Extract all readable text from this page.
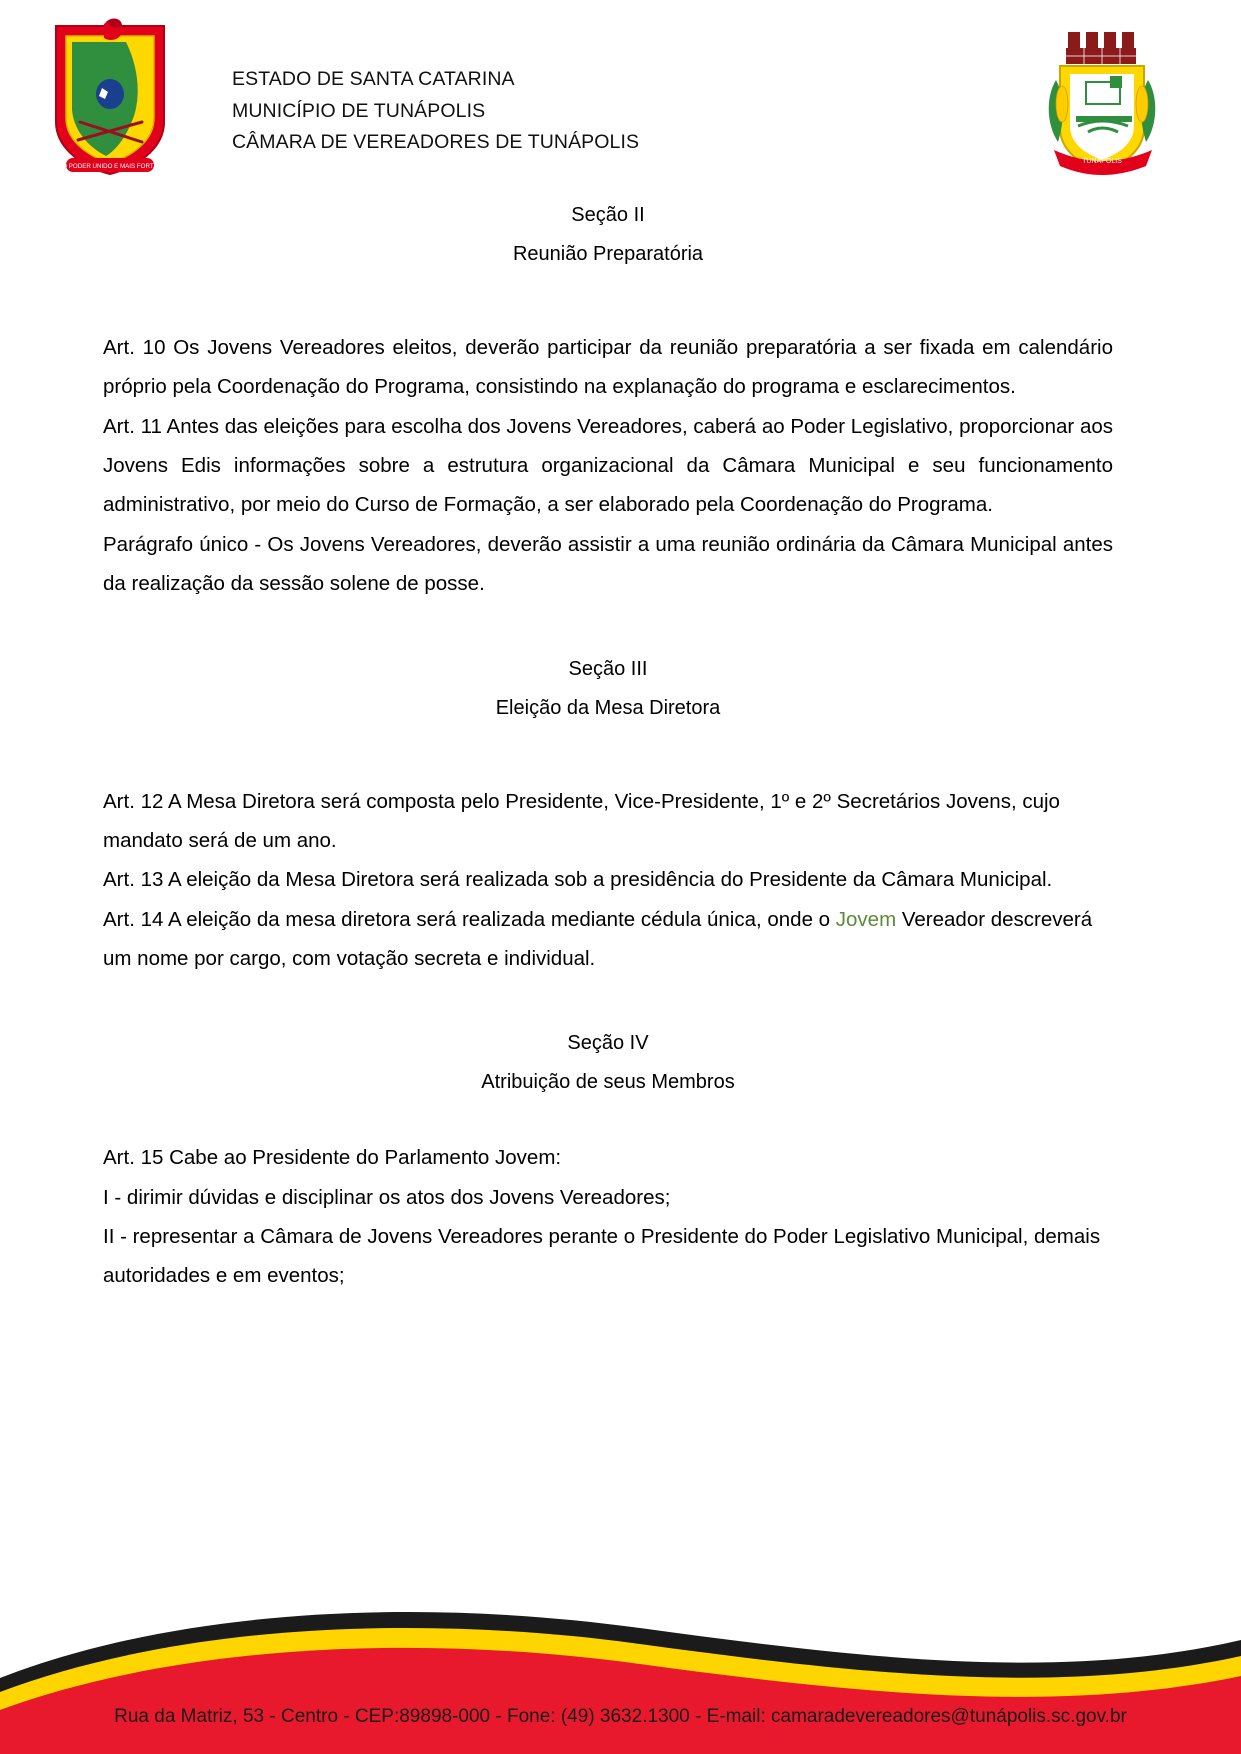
O PODER UNIDO E MAIS FORTE
ESTADO DE SANTA CATARINA
MUNICÍPIO DE TUNÁPOLIS
CÂMARA DE VEREADORES DE TUNÁPOLIS
TUNÁPOLIS
Seção II
Reunião Preparatória

Art. 10 Os Jovens Vereadores eleitos, deverão participar da reunião preparatória a ser fixada em calendário próprio pela Coordenação do Programa, consistindo na explanação do programa e esclarecimentos.

Art. 11 Antes das eleições para escolha dos Jovens Vereadores, caberá ao Poder Legislativo, proporcionar aos Jovens Edis informações sobre a estrutura organizacional da Câmara Municipal e seu funcionamento administrativo, por meio do Curso de Formação, a ser elaborado pela Coordenação do Programa.

Parágrafo único - Os Jovens Vereadores, deverão assistir a uma reunião ordinária da Câmara Municipal antes da realização da sessão solene de posse.

Seção III
Eleição da Mesa Diretora

Art. 12 A Mesa Diretora será composta pelo Presidente, Vice-Presidente, 1º e 2º Secretários Jovens, cujo mandato será de um ano.

Art. 13 A eleição da Mesa Diretora será realizada sob a presidência do Presidente da Câmara Municipal.

Art. 14 A eleição da mesa diretora será realizada mediante cédula única, onde o Jovem Vereador descreverá um nome por cargo, com votação secreta e individual.

Seção IV
Atribuição de seus Membros

Art. 15 Cabe ao Presidente do Parlamento Jovem:

I - dirimir dúvidas e disciplinar os atos dos Jovens Vereadores;

II - representar a Câmara de Jovens Vereadores perante o Presidente do Poder Legislativo Municipal, demais autoridades e em eventos;

Rua da Matriz, 53 - Centro - CEP:89898-000 - Fone: (49) 3632.1300 - E-mail: camaradevereadores@tunápolis.sc.gov.br
